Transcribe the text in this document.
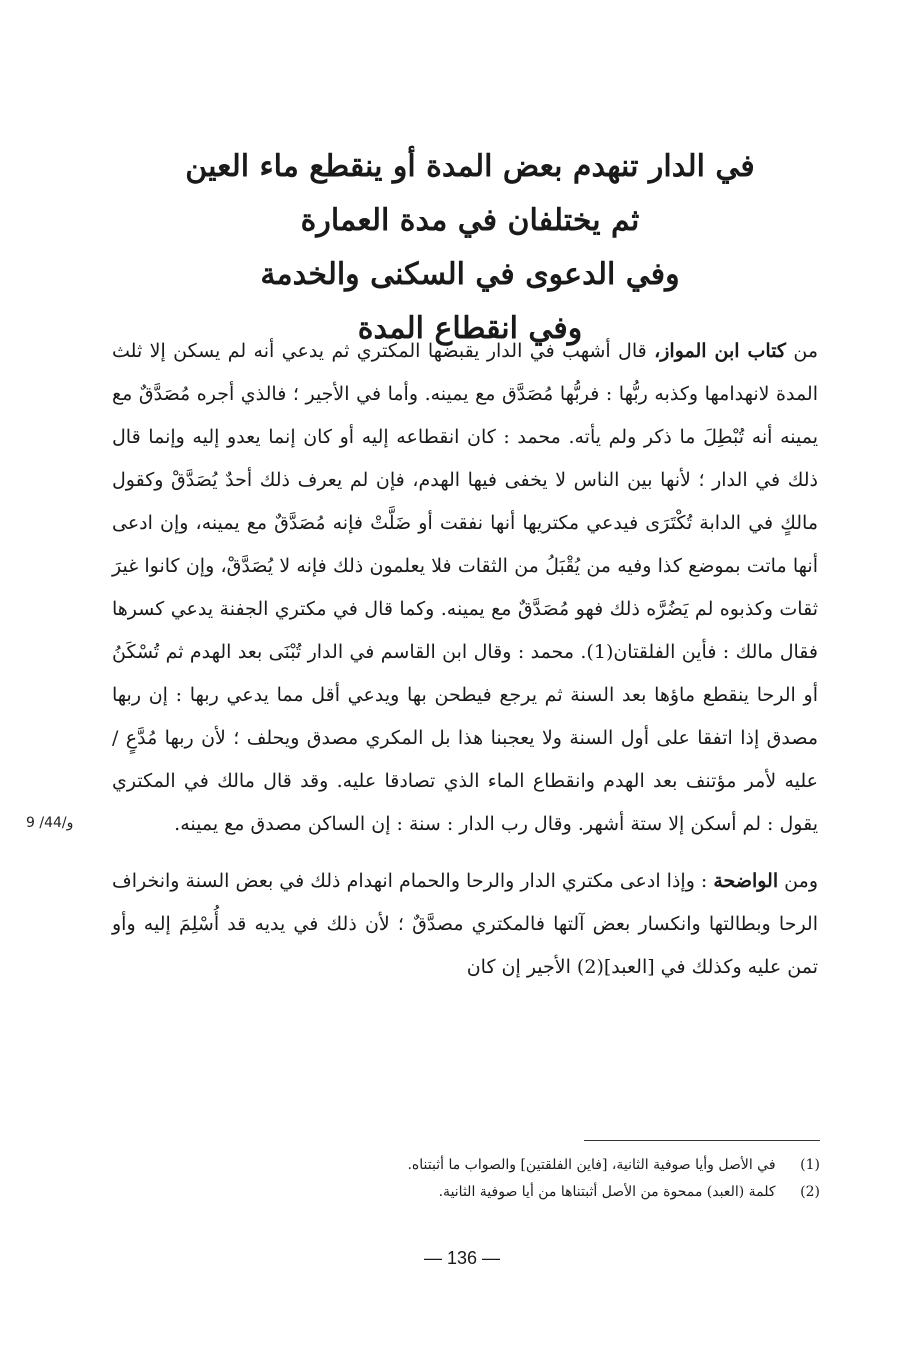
في الدار تنهدم بعض المدة أو ينقطع ماء العين
ثم يختلفان في مدة العمارة
وفي الدعوى في السكنى والخدمة
وفي انقطاع المدة

من كتاب ابن المواز، قال أشهب في الدار يقبضها المكتري ثم يدعي أنه لم يسكن إلا ثلث المدة لانهدامها وكذبه ربُّها : فربُّها مُصَدَّق مع يمينه. وأما في الأجير ؛ فالذي أجره مُصَدَّقٌ مع يمينه أنه تُبْطِلَ ما ذكر ولم يأته. محمد : كان انقطاعه إليه أو كان إنما يعدو إليه وإنما قال ذلك في الدار ؛ لأنها بين الناس لا يخفى فيها الهدم، فإن لم يعرف ذلك أحدٌ يُصَدَّقْ وكقول مالكٍ في الدابة تُكْتَرَى فيدعي مكتريها أنها نفقت أو ضَلَّتْ فإنه مُصَدَّقٌ مع يمينه، وإن ادعى أنها ماتت بموضع كذا وفيه من يُقْبَلُ من الثقات فلا يعلمون ذلك فإنه لا يُصَدَّقْ، وإن كانوا غيرَ ثقات وكذبوه لم يَضُرَّه ذلك فهو مُصَدَّقٌ مع يمينه. وكما قال في مكتري الجفنة يدعي كسرها فقال مالك : فأين الفلقتان(1). محمد : وقال ابن القاسم في الدار تُبْنَى بعد الهدم ثم تُسْكَنُ أو الرحا ينقطع ماؤها بعد السنة ثم يرجع فيطحن بها ويدعي أقل مما يدعي ربها : إن ربها مصدق إذا اتفقا على أول السنة ولا يعجبنا هذا بل المكري مصدق ويحلف ؛ لأن ربها مُدَّعٍ / عليه لأمر مؤتنف بعد الهدم وانقطاع الماء الذي تصادقا عليه. وقد قال مالك في المكتري يقول : لم أسكن إلا ستة أشهر. وقال رب الدار : سنة : إن الساكن مصدق مع يمينه.

ومن الواضحة : وإذا ادعى مكتري الدار والرحا والحمام انهدام ذلك في بعض السنة وانخراف الرحا وبطالتها وانكسار بعض آلتها فالمكتري مصدَّقٌ ؛ لأن ذلك في يديه قد أُسْلِمَ إليه وأو تمن عليه وكذلك في [العبد](2) الأجير إن كان

9 /44/و
(1) في الأصل وأيا صوفية الثانية، [فاين الفلقتين] والصواب ما أثبتناه.
(2) كلمة (العبد) ممحوة من الأصل أثبتناها من أيا صوفية الثانية.
— 136 —
